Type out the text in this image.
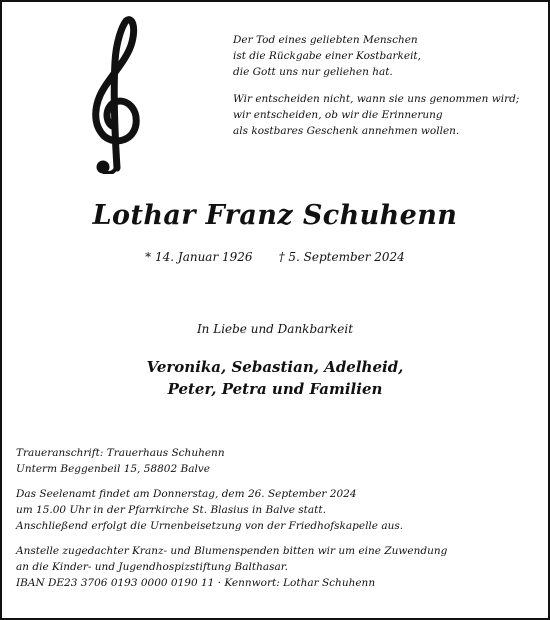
Der Tod eines geliebten Menschen

ist die Rückgabe einer Kostbarkeit,

die Gott uns nur geliehen hat.

Wir entscheiden nicht, wann sie uns genommen wird;

wir entscheiden, ob wir die Erinnerung

als kostbares Geschenk annehmen wollen.

Lothar Franz Schuhenn
* 14. Januar 1926 † 5. September 2024
In Liebe und Dankbarkeit
Veronika, Sebastian, Adelheid,
Peter, Petra und Familien
Traueranschrift: Trauerhaus Schuhenn
Unterm Beggenbeil 15, 58802 Balve
Das Seelenamt findet am Donnerstag, dem 26. September 2024
um 15.00 Uhr in der Pfarrkirche St. Blasius in Balve statt.
Anschließend erfolgt die Urnenbeisetzung von der Friedhofskapelle aus.
Anstelle zugedachter Kranz- und Blumenspenden bitten wir um eine Zuwendung
an die Kinder- und Jugendhospizstiftung Balthasar.
IBAN DE23 3706 0193 0000 0190 11 · Kennwort: Lothar Schuhenn
